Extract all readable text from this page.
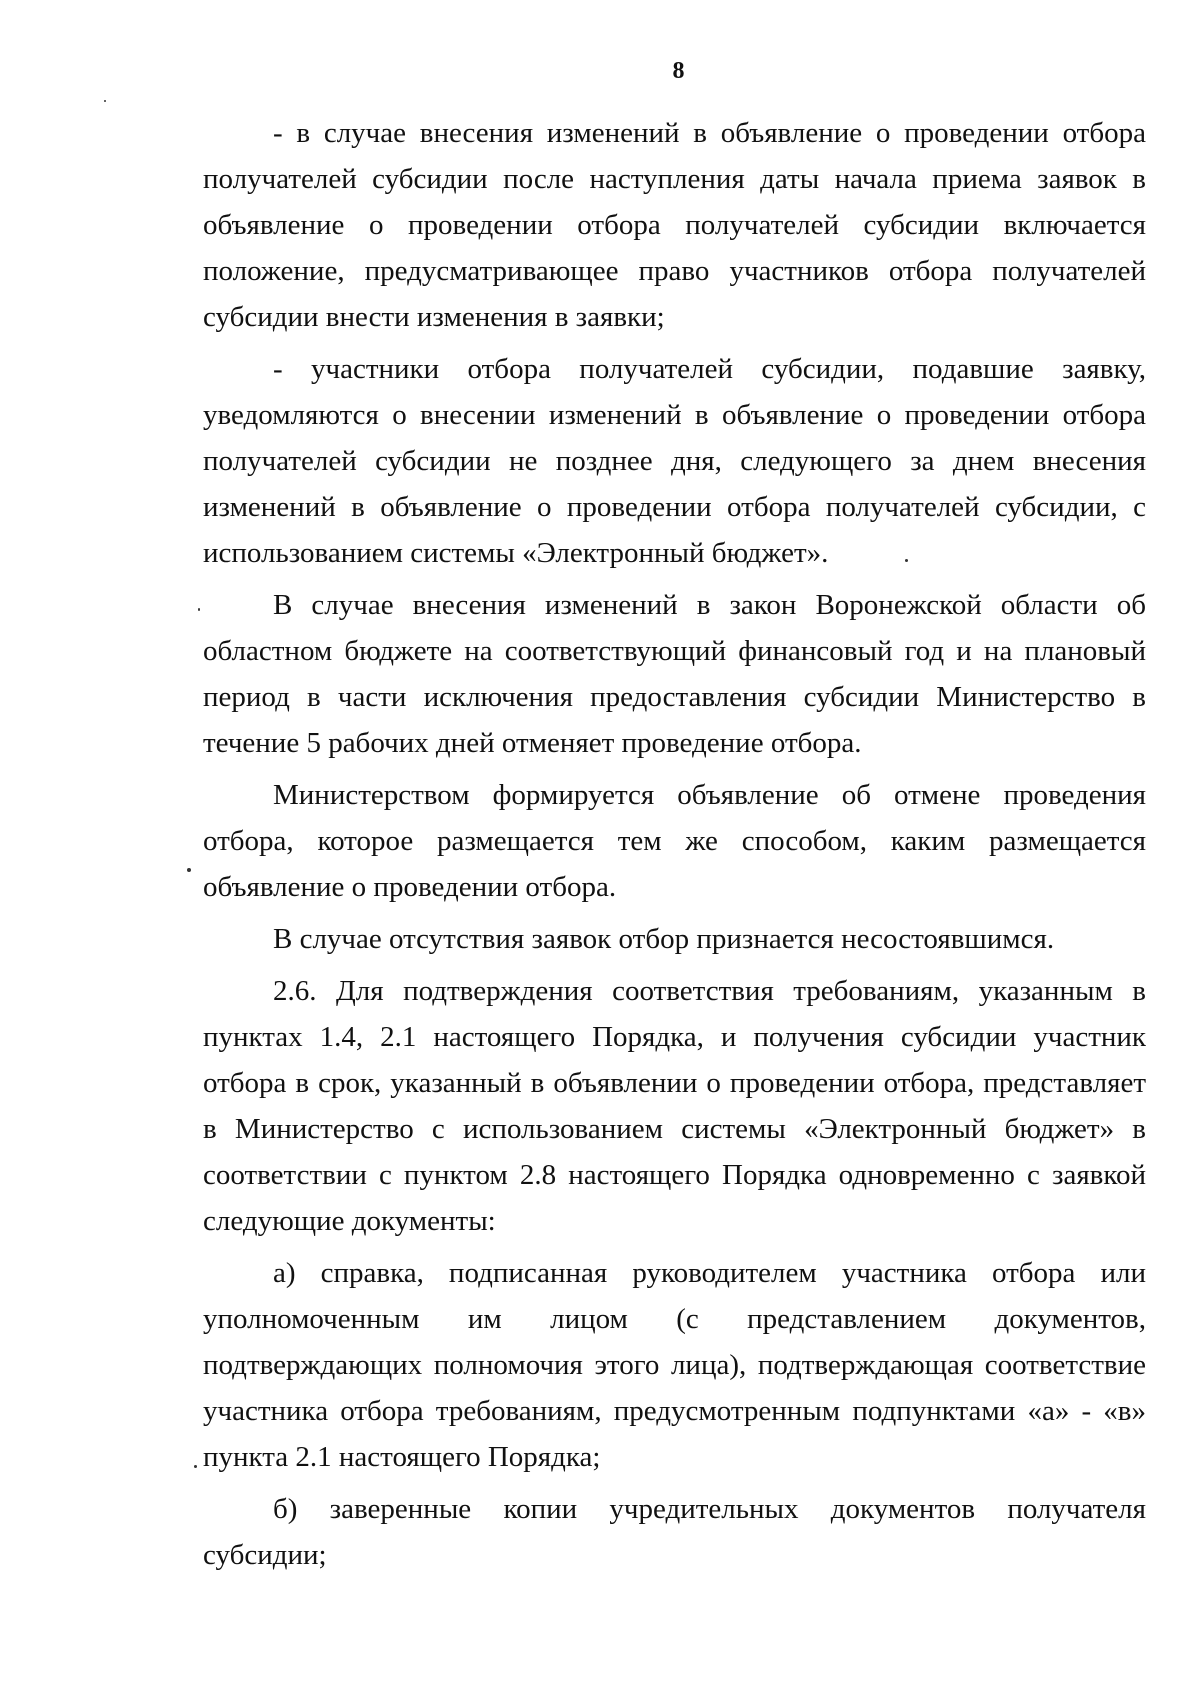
8

- в случае внесения изменений в объявление о проведении отбора получателей субсидии после наступления даты начала приема заявок в объявление о проведении отбора получателей субсидии включается положение, предусматривающее право участников отбора получателей субсидии внести изменения в заявки;

- участники отбора получателей субсидии, подавшие заявку, уведомляются о внесении изменений в объявление о проведении отбора получателей субсидии не позднее дня, следующего за днем внесения изменений в объявление о проведении отбора получателей субсидии, с использованием системы «Электронный бюджет».

В случае внесения изменений в закон Воронежской области об областном бюджете на соответствующий финансовый год и на плановый период в части исключения предоставления субсидии Министерство в течение 5 рабочих дней отменяет проведение отбора.

Министерством формируется объявление об отмене проведения отбора, которое размещается тем же способом, каким размещается объявление о проведении отбора.

В случае отсутствия заявок отбор признается несостоявшимся.

2.6. Для подтверждения соответствия требованиям, указанным в пунктах 1.4, 2.1 настоящего Порядка, и получения субсидии участник отбора в срок, указанный в объявлении о проведении отбора, представляет в Министерство с использованием системы «Электронный бюджет» в соответствии с пунктом 2.8 настоящего Порядка одновременно с заявкой следующие документы:

а) справка, подписанная руководителем участника отбора или уполномоченным им лицом (с представлением документов, подтверждающих полномочия этого лица), подтверждающая соответствие участника отбора требованиям, предусмотренным подпунктами «а» - «в» пункта 2.1 настоящего Порядка;

б) заверенные копии учредительных документов получателя субсидии;
